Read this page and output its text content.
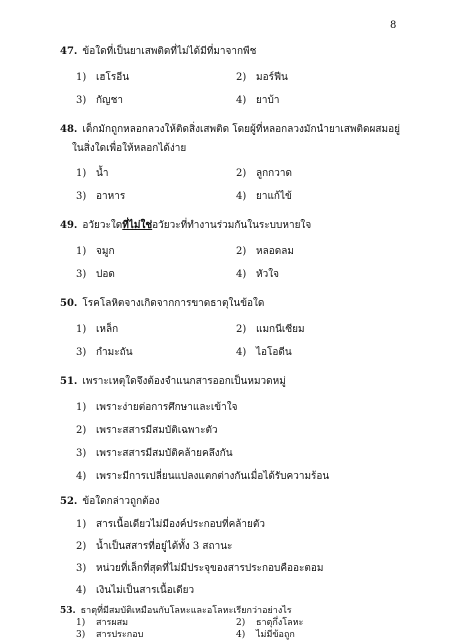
8
47. ข้อใดที่เป็นยาเสพติดที่ไม่ได้มีที่มาจากพืช
1) เฮโรอีน	2) มอร์ฟีน
3) กัญชา	4) ยาบ้า
48. เด็กมักถูกหลอกลวงให้ติดสิ่งเสพติด โดยผู้ที่หลอกลวงมักนำยาเสพติดผสมอยู่
ในสิ่งใดเพื่อให้หลอกได้ง่าย
1) น้ำ	2) ลูกกวาด
3) อาหาร	4) ยาแก้ไข้
49. อวัยวะใดที่ไม่ใช่อวัยวะที่ทำงานร่วมกันในระบบหายใจ
1) จมูก	2) หลอดลม
3) ปอด	4) หัวใจ
50. โรคโลหิตจางเกิดจากการขาดธาตุในข้อใด
1) เหล็ก	2) แมกนีเซียม
3) กำมะถัน	4) ไอโอดีน
51. เพราะเหตุใดจึงต้องจำแนกสารออกเป็นหมวดหมู่
1) เพราะง่ายต่อการศึกษาและเข้าใจ
2) เพราะสสารมีสมบัติเฉพาะตัว
3) เพราะสสารมีสมบัติคล้ายคลึงกัน
4) เพราะมีการเปลี่ยนแปลงแตกต่างกันเมื่อได้รับความร้อน
52. ข้อใดกล่าวถูกต้อง
1) สารเนื้อเดียวไม่มีองค์ประกอบที่คล้ายตัว
2) น้ำเป็นสสารที่อยู่ได้ทั้ง 3 สถานะ
3) หน่วยที่เล็กที่สุดที่ไม่มีประจุของสารประกอบคืออะตอม
4) เงินไม่เป็นสารเนื้อเดียว
53. ธาตุที่มีสมบัติเหมือนกับโลหะและอโลหะเรียกว่าอย่างไร
1) สารผสม	2) ธาตุกึ่งโลหะ
3) สารประกอบ	4) ไม่มีข้อถูก
